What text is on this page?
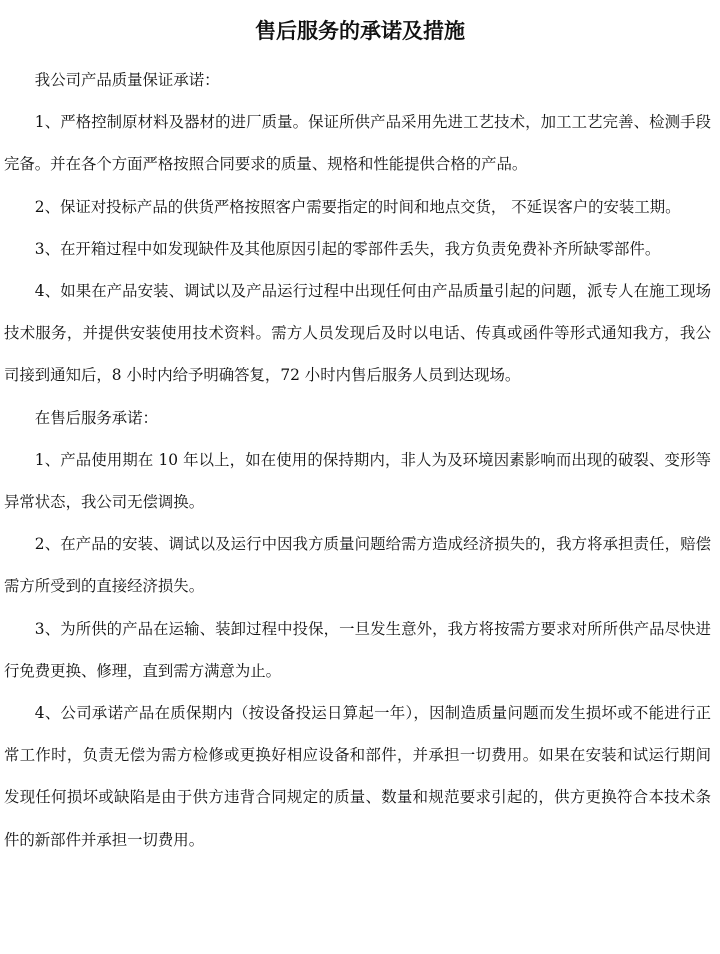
售后服务的承诺及措施

我公司产品质量保证承诺：

1、严格控制原材料及器材的进厂质量。保证所供产品采用先进工艺技术，加工工艺完善、检测手段完备。并在各个方面严格按照合同要求的质量、规格和性能提供合格的产品。

2、保证对投标产品的供货严格按照客户需要指定的时间和地点交货， 不延误客户的安装工期。

3、在开箱过程中如发现缺件及其他原因引起的零部件丢失，我方负责免费补齐所缺零部件。

4、如果在产品安装、调试以及产品运行过程中出现任何由产品质量引起的问题，派专人在施工现场技术服务，并提供安装使用技术资料。需方人员发现后及时以电话、传真或函件等形式通知我方，我公司接到通知后，8 小时内给予明确答复，72 小时内售后服务人员到达现场。

在售后服务承诺：

1、产品使用期在 10 年以上，如在使用的保持期内，非人为及环境因素影响而出现的破裂、变形等异常状态，我公司无偿调换。

2、在产品的安装、调试以及运行中因我方质量问题给需方造成经济损失的，我方将承担责任，赔偿需方所受到的直接经济损失。

3、为所供的产品在运输、装卸过程中投保，一旦发生意外，我方将按需方要求对所所供产品尽快进行免费更换、修理，直到需方满意为止。

4、公司承诺产品在质保期内（按设备投运日算起一年），因制造质量问题而发生损坏或不能进行正常工作时，负责无偿为需方检修或更换好相应设备和部件，并承担一切费用。如果在安装和试运行期间发现任何损坏或缺陷是由于供方违背合同规定的质量、数量和规范要求引起的，供方更换符合本技术条件的新部件并承担一切费用。
